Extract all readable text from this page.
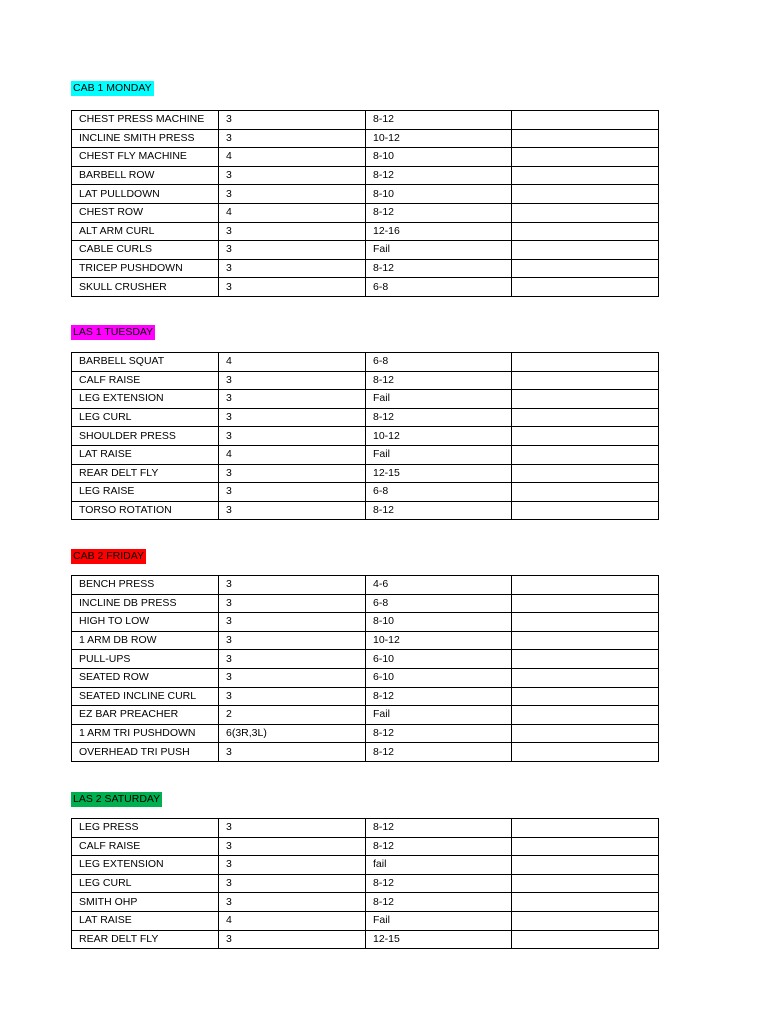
CAB 1 MONDAY
CHEST PRESS MACHINE	3	8-12	
INCLINE SMITH PRESS	3	10-12	
CHEST FLY MACHINE	4	8-10	
BARBELL ROW	3	8-12	
LAT PULLDOWN	3	8-10	
CHEST ROW	4	8-12	
ALT ARM CURL	3	12-16	
CABLE CURLS	3	Fail	
TRICEP PUSHDOWN	3	8-12	
SKULL CRUSHER	3	6-8	
LAS 1 TUESDAY
BARBELL SQUAT	4	6-8	
CALF RAISE	3	8-12	
LEG EXTENSION	3	Fail	
LEG CURL	3	8-12	
SHOULDER PRESS	3	10-12	
LAT RAISE	4	Fail	
REAR DELT FLY	3	12-15	
LEG RAISE	3	6-8	
TORSO ROTATION	3	8-12	
CAB 2 FRIDAY
BENCH PRESS	3	4-6	
INCLINE DB PRESS	3	6-8	
HIGH TO LOW	3	8-10	
1 ARM DB ROW	3	10-12	
PULL-UPS	3	6-10	
SEATED ROW	3	6-10	
SEATED INCLINE CURL	3	8-12	
EZ BAR PREACHER	2	Fail	
1 ARM TRI PUSHDOWN	6(3R,3L)	8-12	
OVERHEAD TRI PUSH	3	8-12	
LAS 2 SATURDAY
LEG PRESS	3	8-12	
CALF RAISE	3	8-12	
LEG EXTENSION	3	fail	
LEG CURL	3	8-12	
SMITH OHP	3	8-12	
LAT RAISE	4	Fail	
REAR DELT FLY	3	12-15	
